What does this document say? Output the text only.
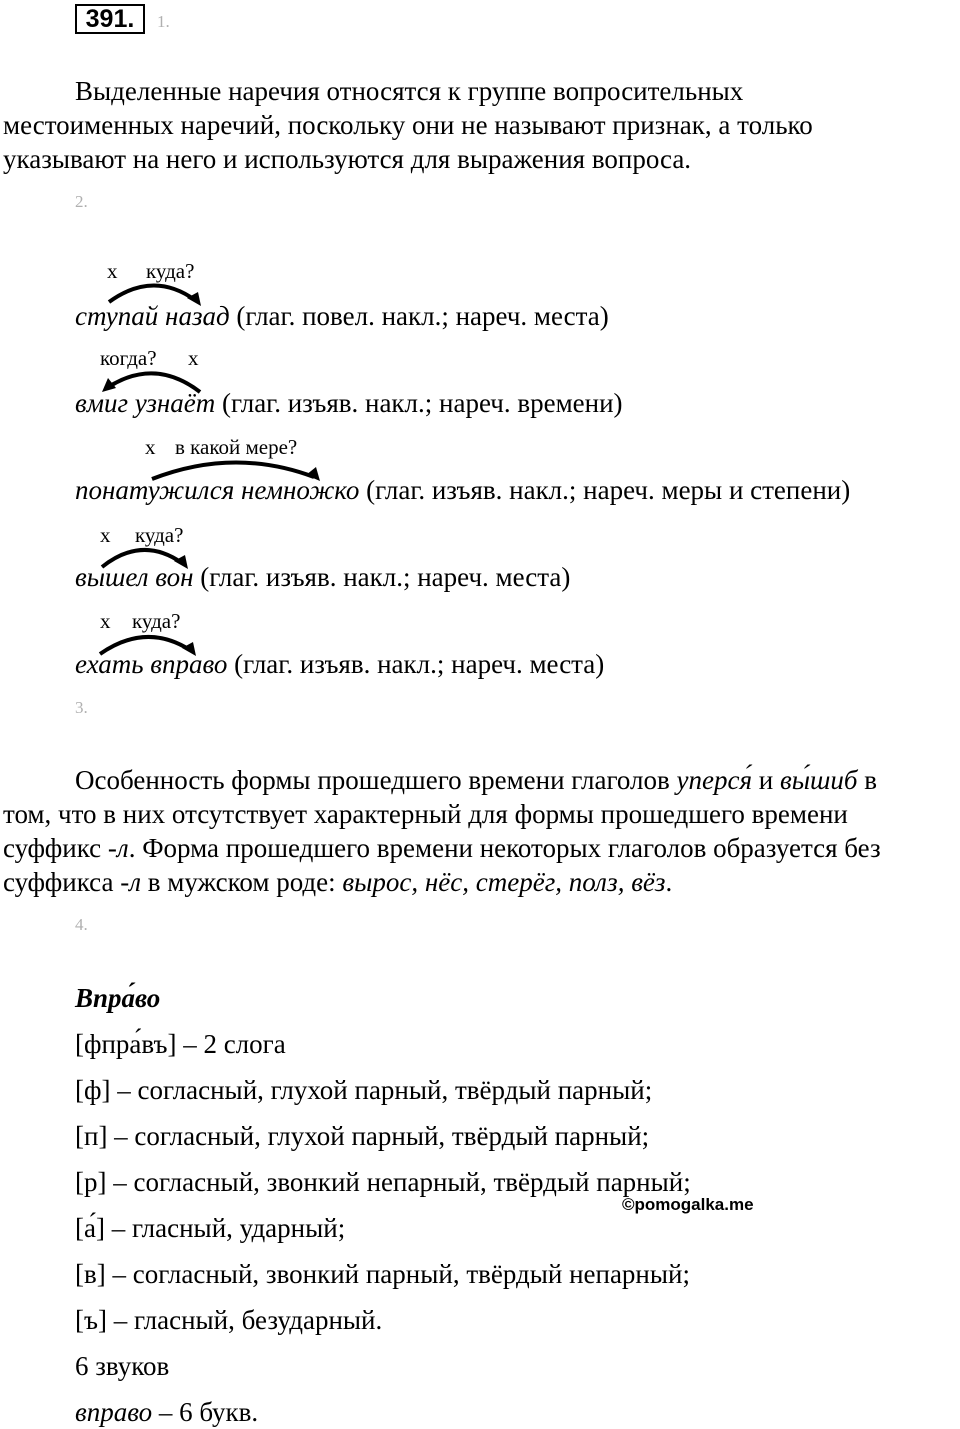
391.	1.
Выделенные наречия относятся к группе вопросительных
местоименных наречий, поскольку они не называют признак, а только
указывают на него и используются для выражения вопроса.
2.
х куда?
ступай назад (глаг. повел. накл.; нареч. места)
когда? х
вмиг узнаёт (глаг. изъяв. накл.; нареч. времени)
х в какой мере?
понатужился немножко (глаг. изъяв. накл.; нареч. меры и степени)
х куда?
вышел вон (глаг. изъяв. накл.; нареч. места)
х куда?
ехать вправо (глаг. изъяв. накл.; нареч. места)
3.
Особенность формы прошедшего времени глаголов уперся́ и вы́шиб в
том, что в них отсутствует характерный для формы прошедшего времени
суффикс -л. Форма прошедшего времени некоторых глаголов образуется без
суффикса -л в мужском роде: вырос, нёс, стерёг, полз, вёз.
4.
Впра́во
[фпра́въ] – 2 слога
[ф] – согласный, глухой парный, твёрдый парный;
[п] – согласный, глухой парный, твёрдый парный;
[р] – согласный, звонкий непарный, твёрдый парный;
©pomogalka.me
[а́] – гласный, ударный;
[в] – согласный, звонкий парный, твёрдый непарный;
[ъ] – гласный, безударный.
6 звуков
вправо – 6 букв.
